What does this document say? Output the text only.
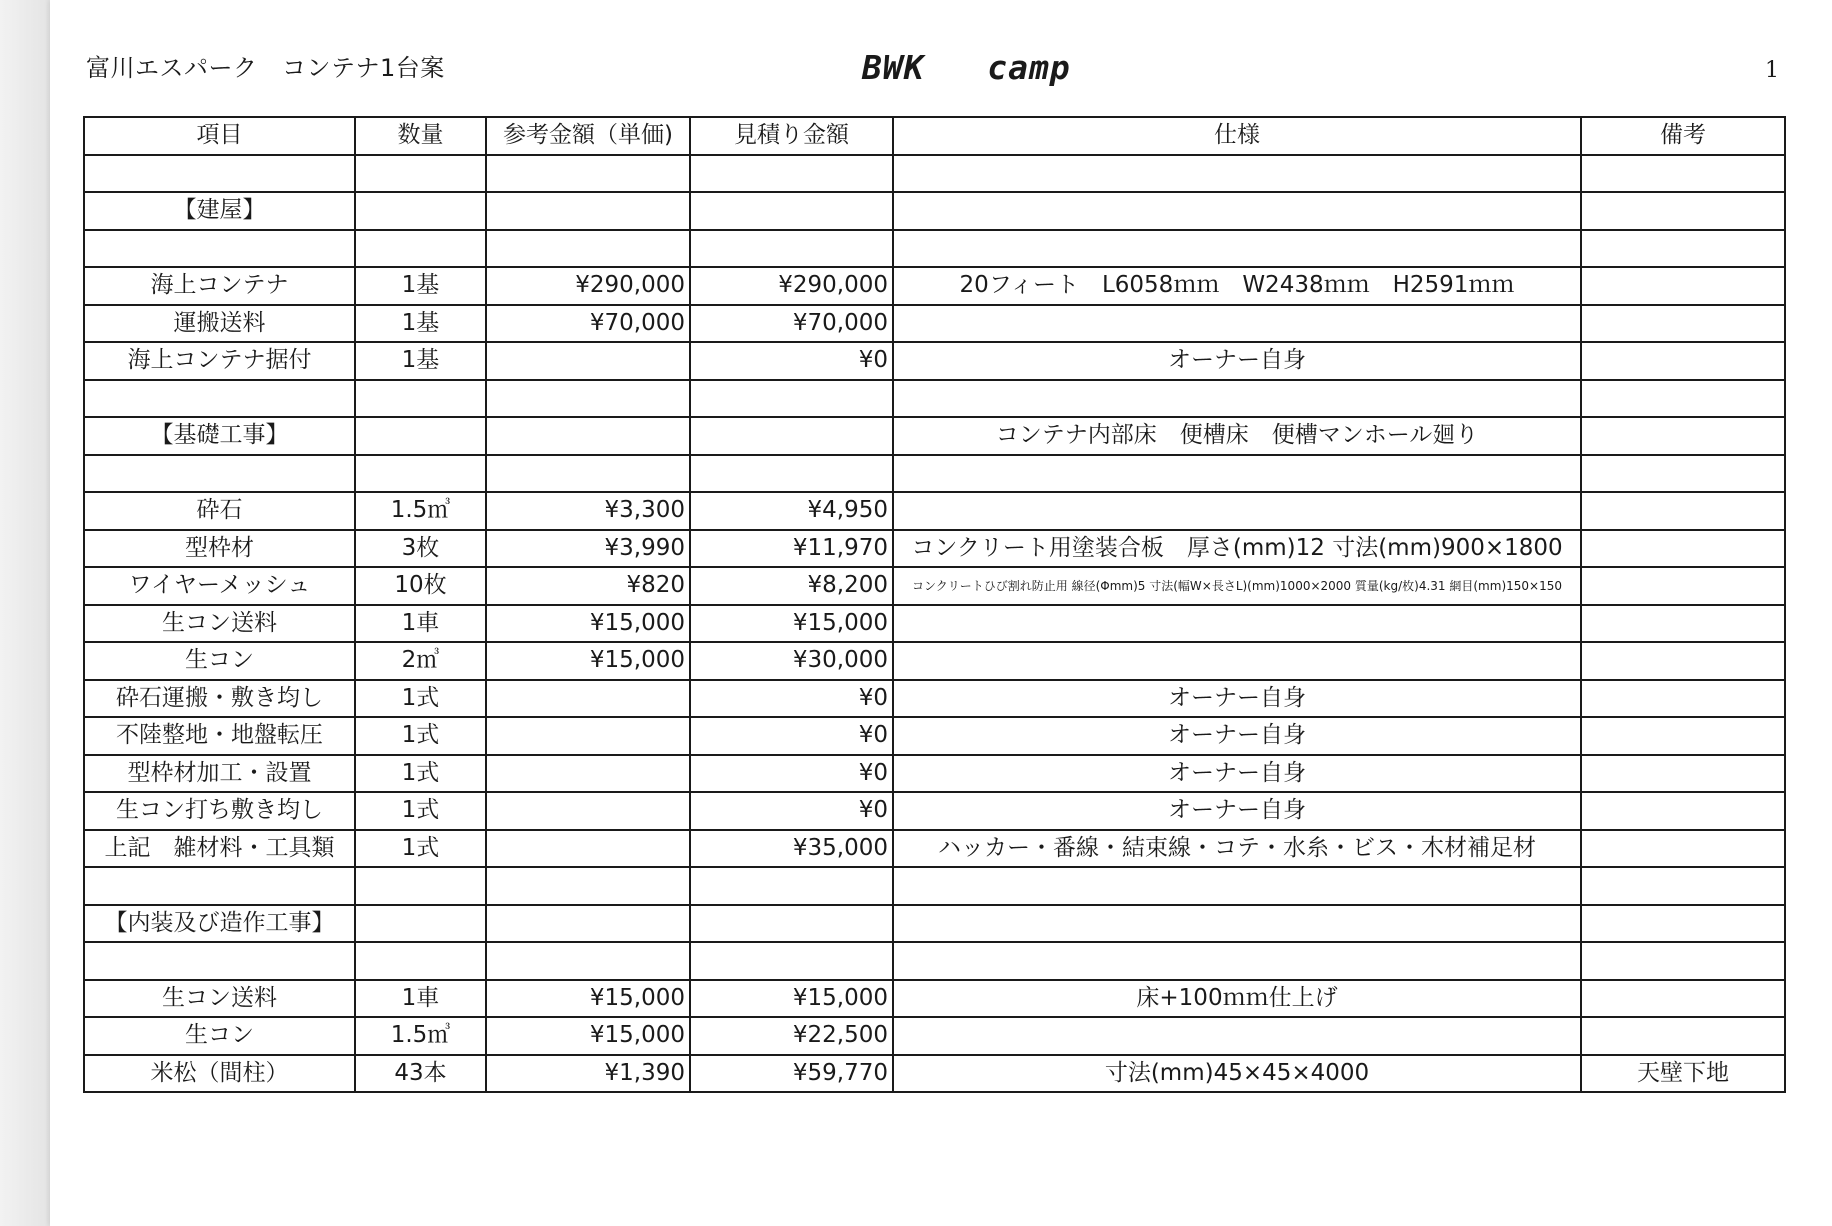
富川エスパーク　コンテナ1台案	BWK   camp	1
項目	数量	参考金額（単価)	見積り金額	仕様	備考

【建屋】					

海上コンテナ	1基	¥290,000	¥290,000	20フィート　L6058ｍｍ　W2438ｍｍ　H2591ｍｍ	
運搬送料	1基	¥70,000	¥70,000		
海上コンテナ据付	1基		¥0	オーナー自身	

【基礎工事】				コンテナ内部床　便槽床　便槽マンホール廻り	

砕石	1.5㎥	¥3,300	¥4,950		
型枠材	3枚	¥3,990	¥11,970	コンクリート用塗装合板　厚さ(mm)12 寸法(mm)900×1800	
ワイヤーメッシュ	10枚	¥820	¥8,200	コンクリートひび割れ防止用 線径(Φmm)5 寸法(幅W×長さL)(mm)1000×2000 質量(kg/枚)4.31 網目(mm)150×150	
生コン送料	1車	¥15,000	¥15,000		
生コン	2㎥	¥15,000	¥30,000		
砕石運搬・敷き均し	1式		¥0	オーナー自身	
不陸整地・地盤転圧	1式		¥0	オーナー自身	
型枠材加工・設置	1式		¥0	オーナー自身	
生コン打ち敷き均し	1式		¥0	オーナー自身	
上記　雑材料・工具類	1式		¥35,000	ハッカー・番線・結束線・コテ・水糸・ビス・木材補足材	

【内装及び造作工事】					

生コン送料	1車	¥15,000	¥15,000	床+100ｍｍ仕上げ	
生コン	1.5㎥	¥15,000	¥22,500		
米松（間柱）	43本	¥1,390	¥59,770	寸法(mm)45×45×4000	天壁下地
